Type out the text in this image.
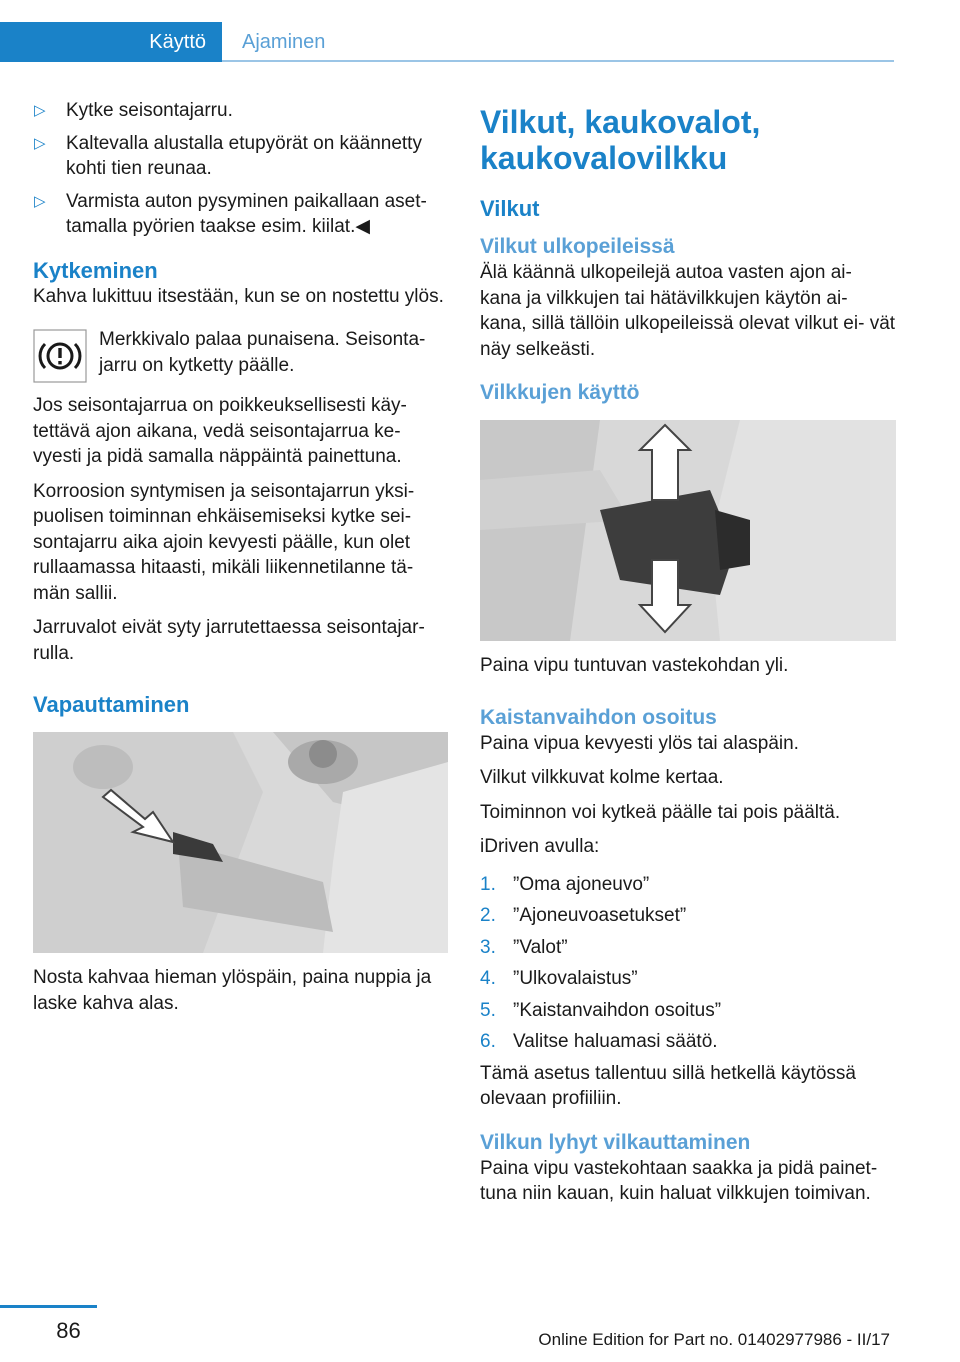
Käyttö	Ajaminen
▷ Kytke seisontajarru.
▷ Kaltevalla alustalla etupyörät on käännetty kohti tien reunaa.
▷ Varmista auton pysyminen paikallaan aset‐ tamalla pyörien taakse esim. kiilat.◀
Kytkeminen

Kahva lukittuu itsestään, kun se on nostettu ylös.

Merkkivalo palaa punaisena. Seisonta‐ jarru on kytketty päälle.

Jos seisontajarrua on poikkeuksellisesti käy‐ tettävä ajon aikana, vedä seisontajarrua ke‐ vyesti ja pidä samalla näppäintä painettuna.

Korroosion syntymisen ja seisontajarrun yksi‐ puolisen toiminnan ehkäisemiseksi kytke sei‐ sontajarru aika ajoin kevyesti päälle, kun olet rullaamassa hitaasti, mikäli liikennetilanne tä‐ män sallii.

Jarruvalot eivät syty jarrutettaessa seisontajar‐ rulla.

Vapauttaminen

Nosta kahvaa hieman ylöspäin, paina nuppia ja laske kahva alas.

Vilkut, kaukovalot, kaukovalovilkku
Vilkut
Vilkut ulkopeileissä

Älä käännä ulkopeilejä autoa vasten ajon ai‐ kana ja vilkkujen tai hätävilkkujen käytön ai‐ kana, sillä tällöin ulkopeileissä olevat vilkut ei‐ vät näy selkeästi.

Vilkkujen käyttö

Paina vipu tuntuvan vastekohdan yli.

Kaistanvaihdon osoitus

Paina vipua kevyesti ylös tai alaspäin.

Vilkut vilkkuvat kolme kertaa.

Toiminnon voi kytkeä päälle tai pois päältä.

iDriven avulla:

1. ”Oma ajoneuvo”
2. ”Ajoneuvoasetukset”
3. ”Valot”
4. ”Ulkovalaistus”
5. ”Kaistanvaihdon osoitus”
6. Valitse haluamasi säätö.

Tämä asetus tallentuu sillä hetkellä käytössä olevaan profiiliin.

Vilkun lyhyt vilkauttaminen

Paina vipu vastekohtaan saakka ja pidä painet‐ tuna niin kauan, kuin haluat vilkkujen toimivan.

86	Online Edition for Part no. 01402977986 - II/17
